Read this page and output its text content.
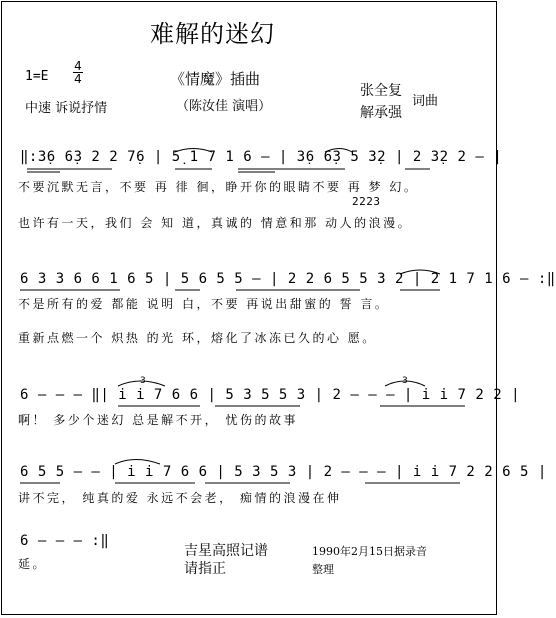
难解的迷幻
1=E
4
4	《情魔》插曲
（陈汝佳 演唱）
中速 诉说抒情
张全复
解承强
词曲
‖:3̣6 6̣3 2 2 7̣6 | 5̣ 1 7 1 6 – | 3̣6 6̣3 5 3̣2 | 2 3̣2 2 – |
不要沉默无言，不要 再 徘 徊，睁开你的眼睛不要 再 梦 幻。
2223
也许有一天，我们 会 知 道，真诚的 情意和那 动人的浪漫。
6 3 3 6 6 1 6 5 | 5 6 5 5 – | 2 2 6 5 5 3 2 | 2 1 7 1 6 – :‖
不是所有的爱 都能 说明 白，不要 再说出甜蜜的 誓 言。
重新点燃一个 炽热 的光 环，熔化了冰冻已久的心 愿。
6 – – – ‖| i i 7 6 6 | 5 3 5 5 3 | 2 – – – | i i 7 2 2 |
啊！ 多少个迷幻 总是解不开， 忧伤的故事
6 5 5 – – | i i 7 6 6 | 5 3 5 3 | 2 – – – | i i 7 2 2 6 5 |
讲不完， 纯真的爱 永远不会老， 痴情的浪漫在伸
6 – – – :‖
延。
吉星高照记谱
请指正
1990年2月15日据录音
整理
3	3
